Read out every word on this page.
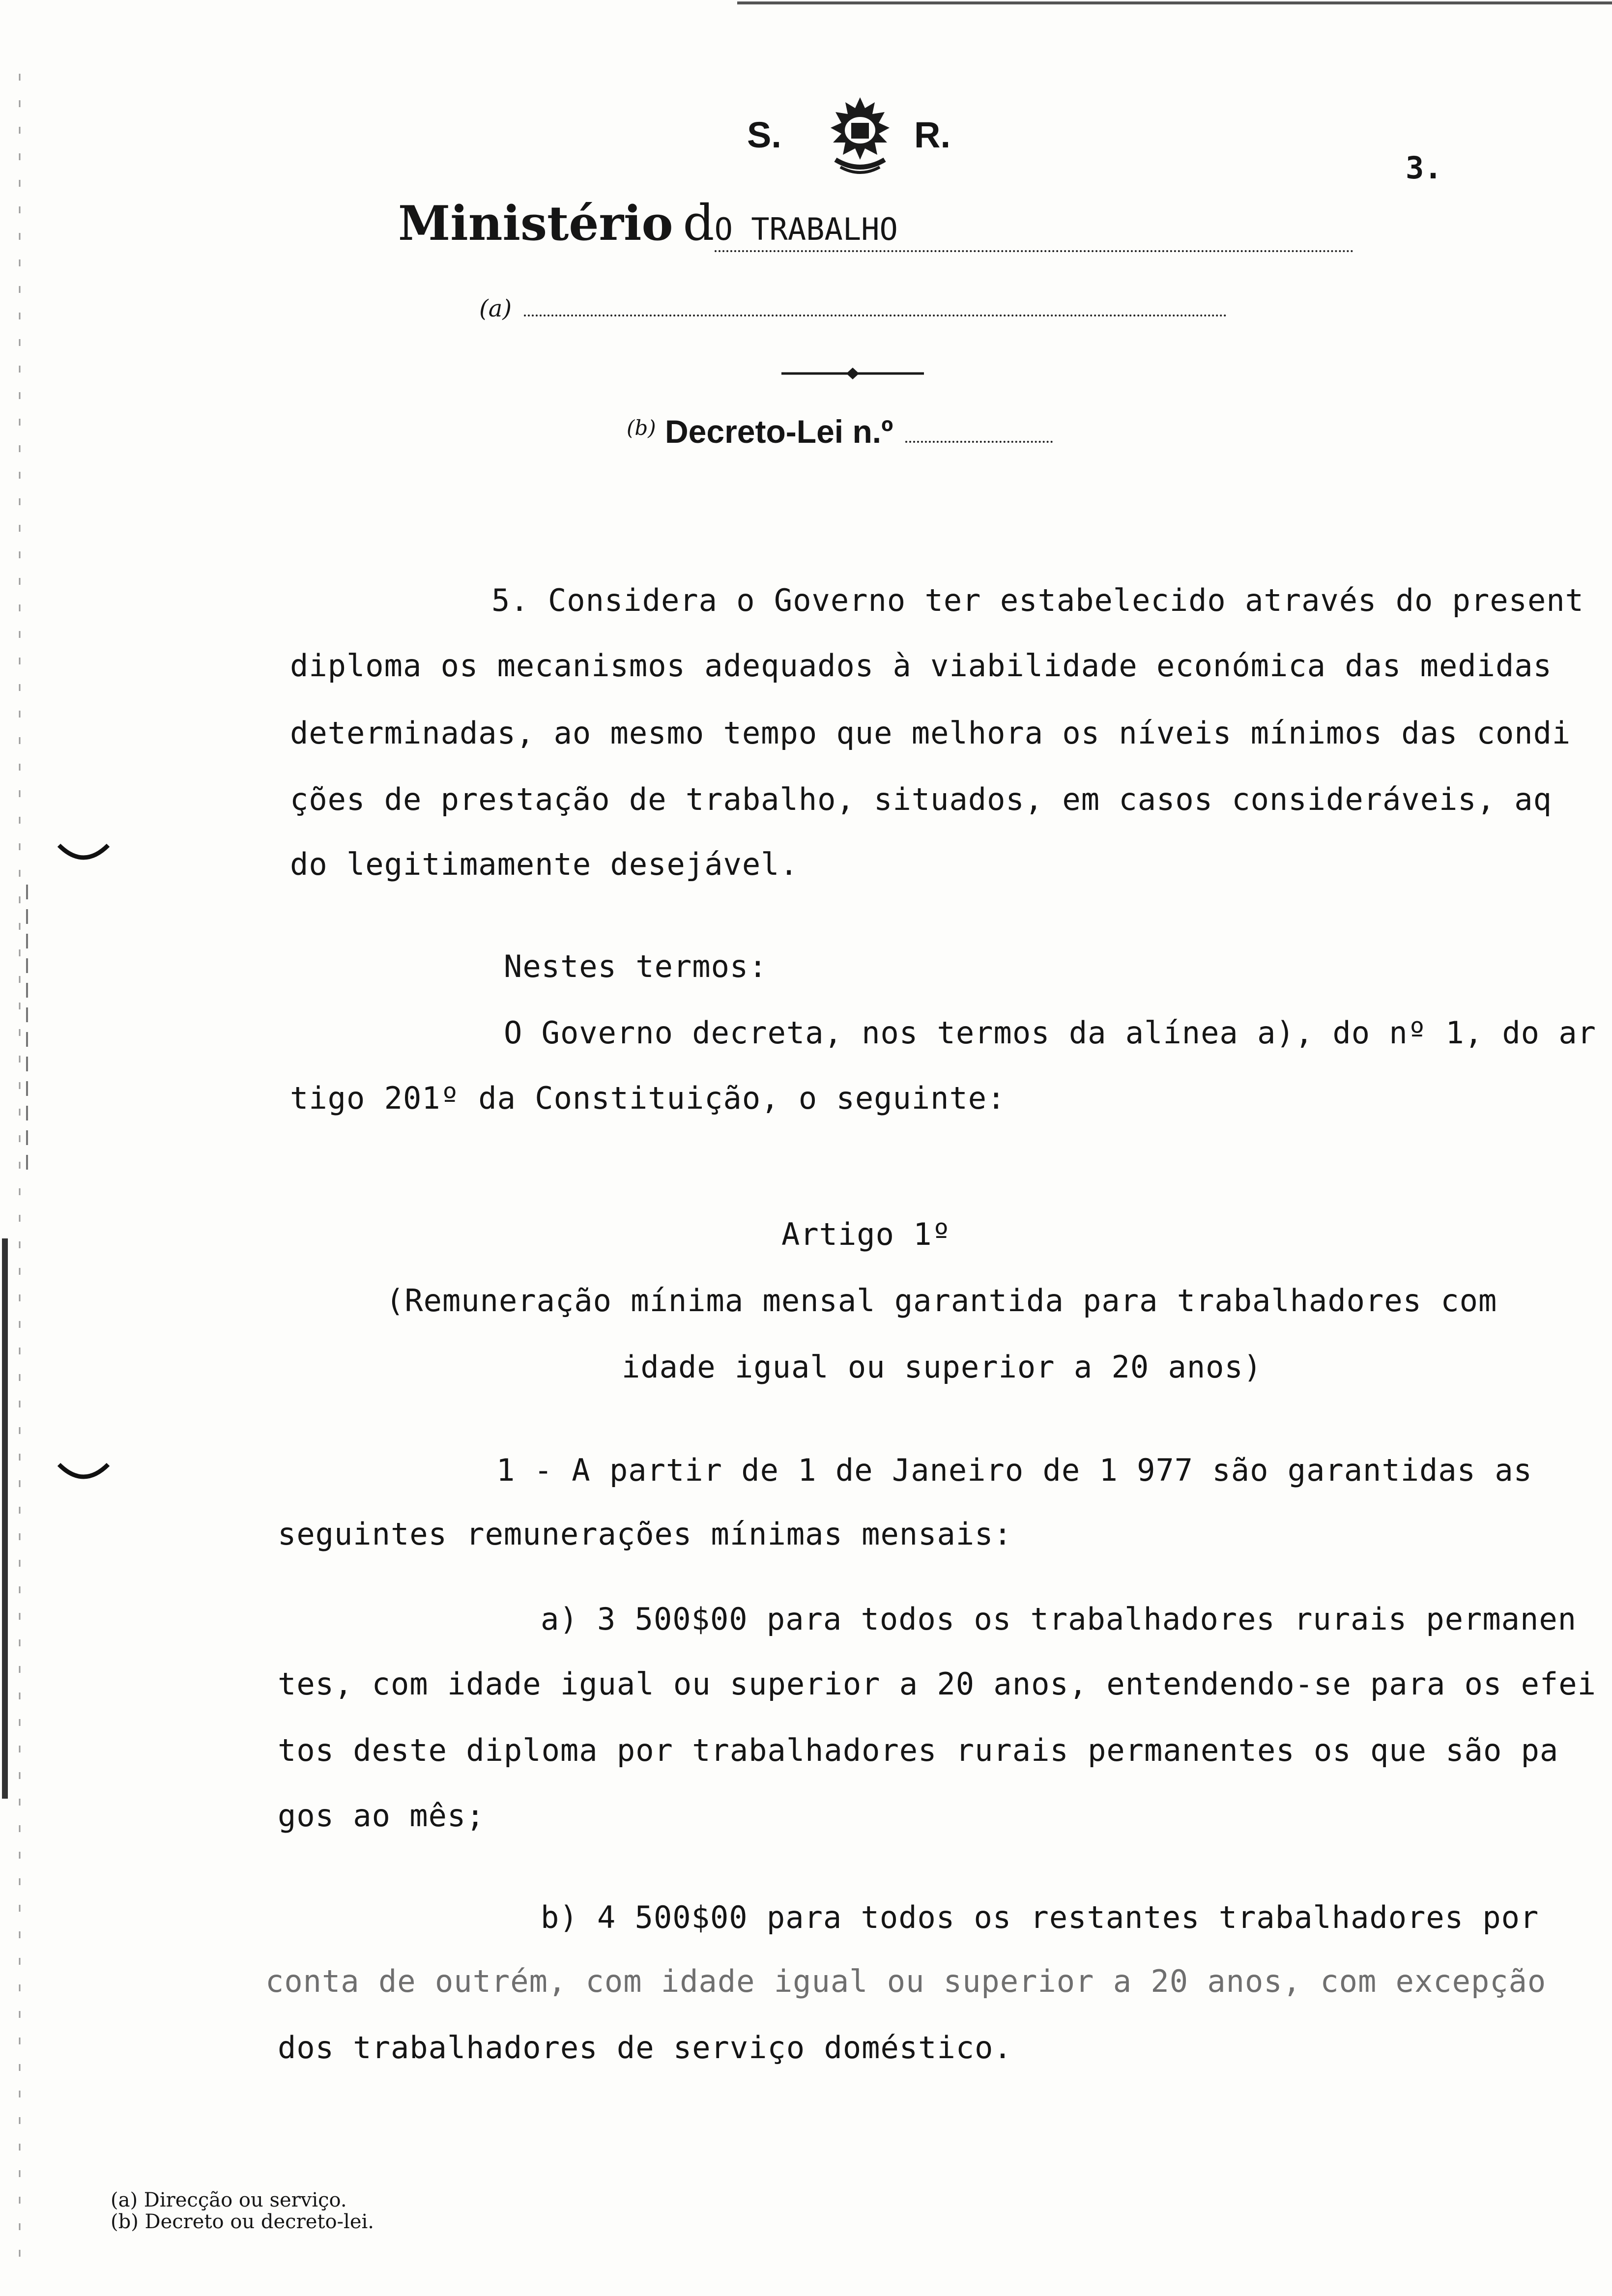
S.	R.
3.
Ministério dO TRABALHO
(a)
$^{(b)}$ Decreto-Lei n.º
5. Considera o Governo ter estabelecido através do present
diploma os mecanismos adequados à viabilidade económica das medidas
determinadas, ao mesmo tempo que melhora os níveis mínimos das condi
ções de prestação de trabalho, situados, em casos consideráveis, aq
do legitimamente desejável.
Nestes termos:
O Governo decreta, nos termos da alínea a), do nº 1, do ar
tigo 201º da Constituição, o seguinte:
Artigo 1º
(Remuneração mínima mensal garantida para trabalhadores com
idade igual ou superior a 20 anos)
1 - A partir de 1 de Janeiro de 1 977 são garantidas as
seguintes remunerações mínimas mensais:
a) 3 500$00 para todos os trabalhadores rurais permanen
tes, com idade igual ou superior a 20 anos, entendendo-se para os efei
tos deste diploma por trabalhadores rurais permanentes os que são pa
gos ao mês;
b) 4 500$00 para todos os restantes trabalhadores por
conta de outrém, com idade igual ou superior a 20 anos, com excepção
dos trabalhadores de serviço doméstico.
(a) Direcção ou serviço.
(b) Decreto ou decreto-lei.
